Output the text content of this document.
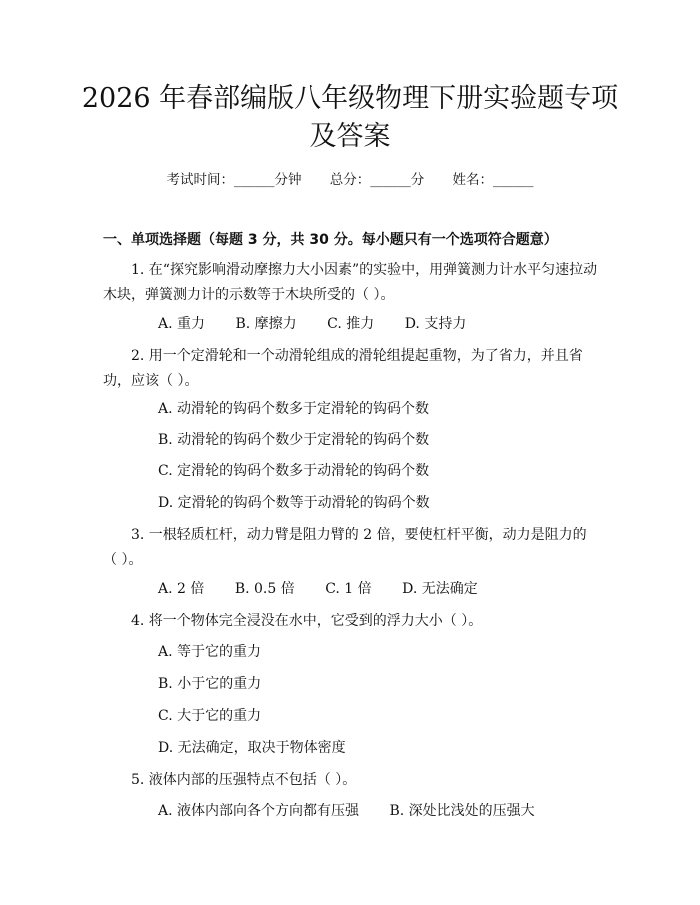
2026 年春部编版八年级物理下册实验题专项及答案
考试时间：______分钟 总分：______分 姓名：______
一、单项选择题（每题 3 分，共 30 分。每小题只有一个选项符合题意）
1. 在“探究影响滑动摩擦力大小因素”的实验中，用弹簧测力计水平匀速拉动木块，弹簧测力计的示数等于木块所受的（ ）。
A. 重力 B. 摩擦力 C. 推力 D. 支持力
2. 用一个定滑轮和一个动滑轮组成的滑轮组提起重物，为了省力，并且省功，应该（ ）。
A. 动滑轮的钩码个数多于定滑轮的钩码个数
B. 动滑轮的钩码个数少于定滑轮的钩码个数
C. 定滑轮的钩码个数多于动滑轮的钩码个数
D. 定滑轮的钩码个数等于动滑轮的钩码个数
3. 一根轻质杠杆，动力臂是阻力臂的 2 倍，要使杠杆平衡，动力是阻力的（ ）。
A. 2 倍 B. 0.5 倍 C. 1 倍 D. 无法确定
4. 将一个物体完全浸没在水中，它受到的浮力大小（ ）。
A. 等于它的重力
B. 小于它的重力
C. 大于它的重力
D. 无法确定，取决于物体密度
5. 液体内部的压强特点不包括（ ）。
A. 液体内部向各个方向都有压强 B. 深处比浅处的压强大
